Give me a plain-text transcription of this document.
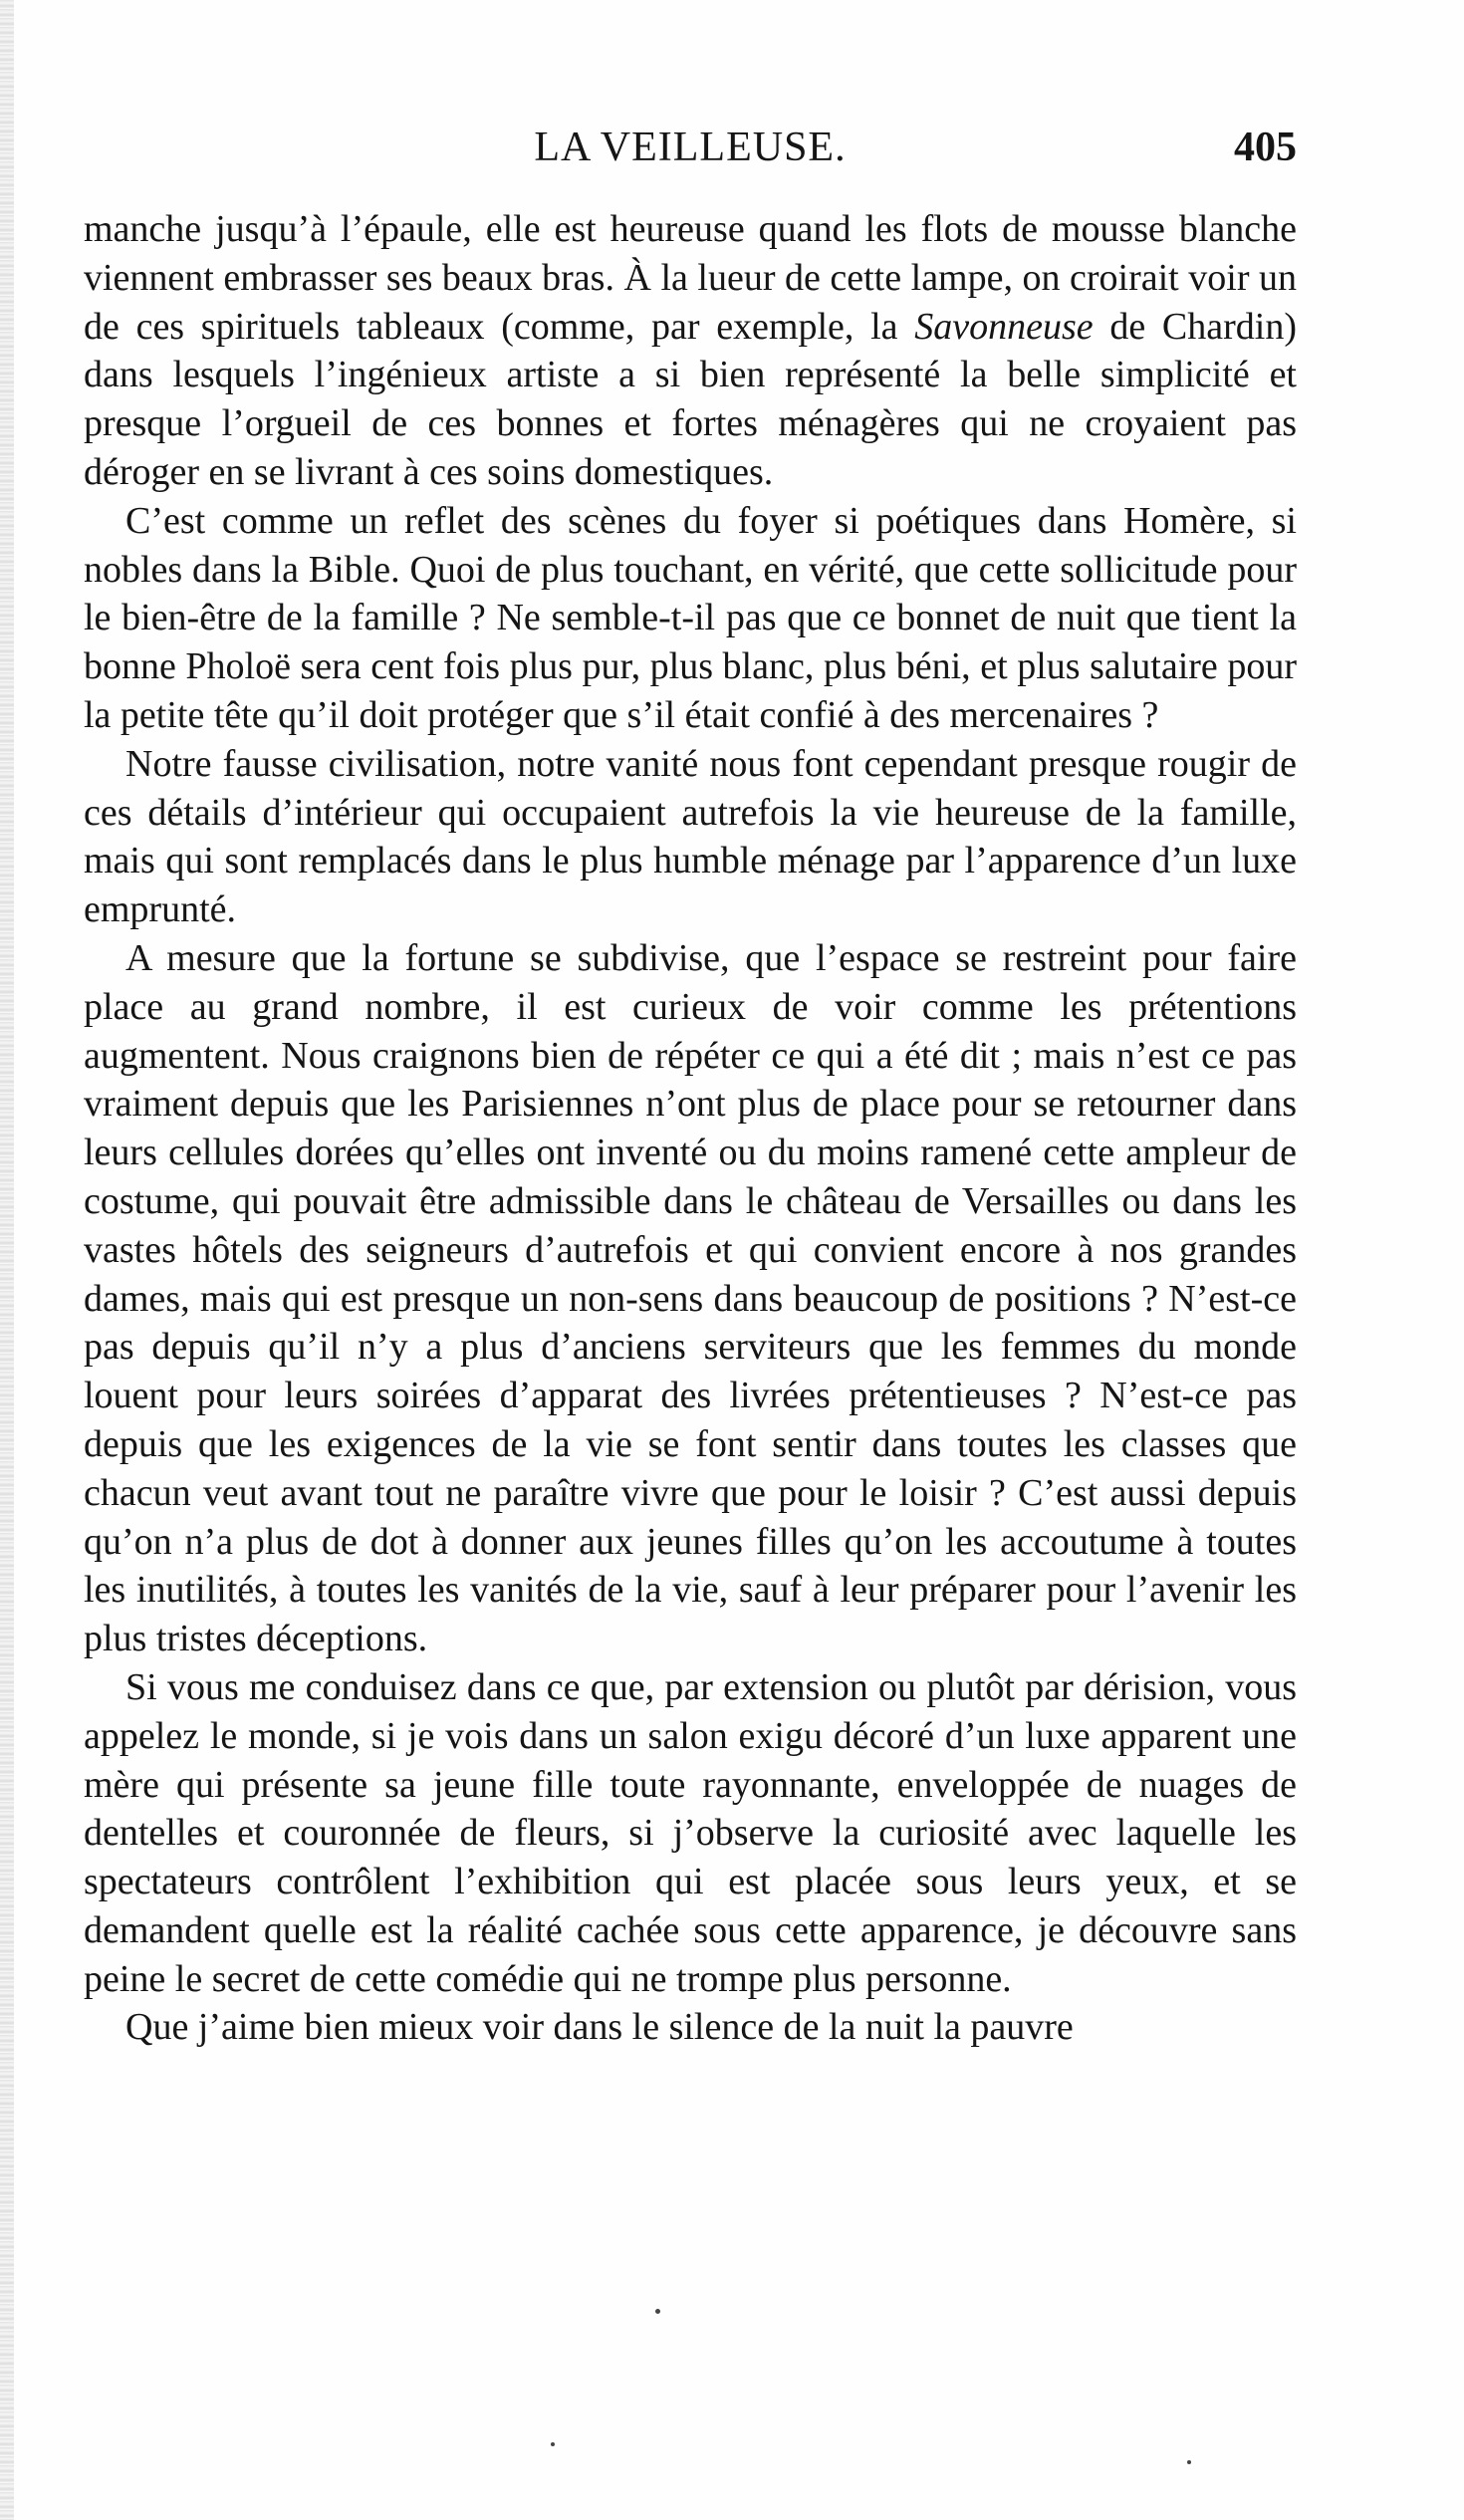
LA VEILLEUSE.	405

manche jusqu’à l’épaule, elle est heureuse quand les flots de mousse blanche viennent embrasser ses beaux bras. À la lueur de cette lampe, on croirait voir un de ces spirituels tableaux (comme, par exemple, la Savonneuse de Chardin) dans lesquels l’ingénieux artiste a si bien représenté la belle simplicité et presque l’orgueil de ces bonnes et fortes ménagères qui ne croyaient pas déroger en se livrant à ces soins domestiques.

C’est comme un reflet des scènes du foyer si poétiques dans Homère, si nobles dans la Bible. Quoi de plus touchant, en vérité, que cette sollicitude pour le bien-être de la famille ? Ne semble-t-il pas que ce bonnet de nuit que tient la bonne Pholoë sera cent fois plus pur, plus blanc, plus béni, et plus salutaire pour la petite tête qu’il doit protéger que s’il était confié à des mercenaires ?

Notre fausse civilisation, notre vanité nous font cependant presque rougir de ces détails d’intérieur qui occupaient autrefois la vie heureuse de la famille, mais qui sont remplacés dans le plus humble ménage par l’apparence d’un luxe emprunté.

A mesure que la fortune se subdivise, que l’espace se restreint pour faire place au grand nombre, il est curieux de voir comme les prétentions augmentent. Nous craignons bien de répéter ce qui a été dit ; mais n’est ce pas vraiment depuis que les Parisiennes n’ont plus de place pour se retourner dans leurs cellules dorées qu’elles ont inventé ou du moins ramené cette ampleur de costume, qui pouvait être admissible dans le château de Versailles ou dans les vastes hôtels des seigneurs d’autrefois et qui convient encore à nos grandes dames, mais qui est presque un non-sens dans beaucoup de positions ? N’est-ce pas depuis qu’il n’y a plus d’anciens serviteurs que les femmes du monde louent pour leurs soirées d’apparat des livrées prétentieuses ? N’est-ce pas depuis que les exigences de la vie se font sentir dans toutes les classes que chacun veut avant tout ne paraître vivre que pour le loisir ? C’est aussi depuis qu’on n’a plus de dot à donner aux jeunes filles qu’on les accoutume à toutes les inutilités, à toutes les vanités de la vie, sauf à leur préparer pour l’avenir les plus tristes déceptions.

Si vous me conduisez dans ce que, par extension ou plutôt par dérision, vous appelez le monde, si je vois dans un salon exigu décoré d’un luxe apparent une mère qui présente sa jeune fille toute rayonnante, enveloppée de nuages de dentelles et couronnée de fleurs, si j’observe la curiosité avec laquelle les spectateurs contrôlent l’exhibition qui est placée sous leurs yeux, et se demandent quelle est la réalité cachée sous cette apparence, je découvre sans peine le secret de cette comédie qui ne trompe plus personne.

Que j’aime bien mieux voir dans le silence de la nuit la pauvre
